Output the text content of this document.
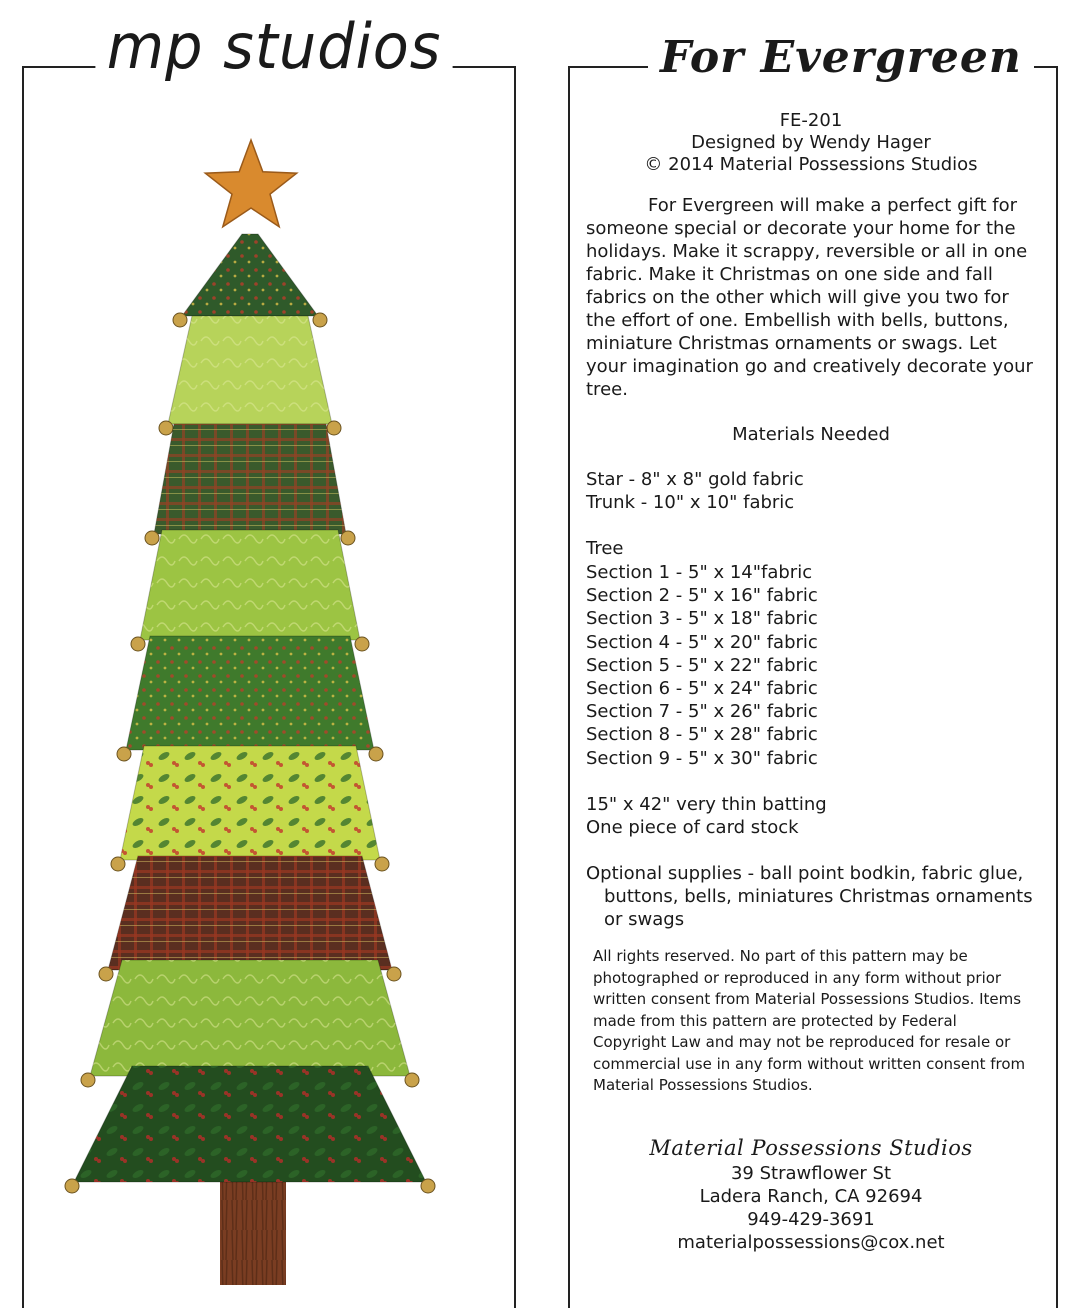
mp studios	For Evergreen
FE-201
Designed by Wendy Hager
© 2014 Material Possessions Studios

For Evergreen will make a perfect gift for someone special or decorate your home for the holidays. Make it scrappy, reversible or all in one fabric. Make it Christmas on one side and fall fabrics on the other which will give you two for the effort of one. Embellish with bells, buttons, miniature Christmas ornaments or swags. Let your imagination go and creatively decorate your tree.

Materials Needed
Star - 8" x 8" gold fabric
Trunk - 10" x 10" fabric
Tree
Section 1 - 5" x 14"fabric
Section 2 - 5" x 16" fabric
Section 3 - 5" x 18" fabric
Section 4 - 5" x 20" fabric
Section 5 - 5" x 22" fabric
Section 6 - 5" x 24" fabric
Section 7 - 5" x 26" fabric
Section 8 - 5" x 28" fabric
Section 9 - 5" x 30" fabric
15" x 42" very thin batting
One piece of card stock

Optional supplies - ball point bodkin, fabric glue,
buttons, bells, miniatures Christmas ornaments
or swags

All rights reserved. No part of this pattern may be photographed or reproduced in any form without prior written consent from Material Possessions Studios. Items made from this pattern are protected by Federal Copyright Law and may not be reproduced for resale or commercial use in any form without written consent from Material Possessions Studios.

Material Possessions Studios
39 Strawflower St
Ladera Ranch, CA 92694
949-429-3691
materialpossessions@cox.net
